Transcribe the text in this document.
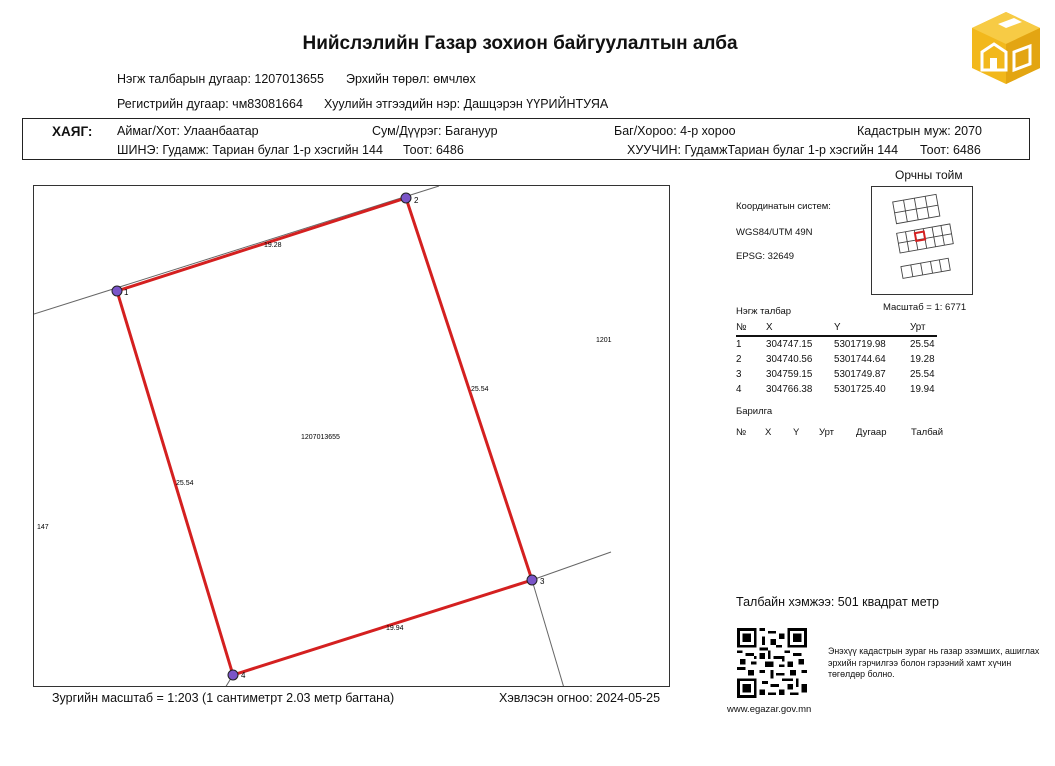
Нийслэлийн Газар зохион байгуулалтын алба
Нэгж талбарын дугаар: 1207013655 Эрхийн төрөл: өмчлөх
Регистрийн дугаар: чм83081664 Хуулийн этгээдийн нэр: Дашцэрэн ҮҮРИЙНТУЯА
ХАЯГ: Аймаг/Хот: Улаанбаатар	Сум/Дүүрэг: Багануур	Баг/Хороо: 4-р хороо	Кадастрын муж: 2070
ШИНЭ: Гудамж: Тариан булаг 1-р хэсгийн 144 Тоот: 6486	ХУУЧИН: ГудамжТариан булаг 1-р хэсгийн 144 Тоот: 6486
1
2
3
4
19.28
25.54
19.94
25.54
1207013655
1201
147
Зургийн масштаб = 1:203 (1 сантиметрт 2.03 метр багтана)	Хэвлэсэн огноо: 2024-05-25
Орчны тойм
Координатын систем:
WGS84/UTM 49N
EPSG: 32649
Масштаб = 1: 6771
Нэгж талбар
№	X	Y	Урт
1	304747.15	5301719.98	25.54
2	304740.56	5301744.64	19.28
3	304759.15	5301749.87	25.54
4	304766.38	5301725.40	19.94
Барилга
№ X Y Урт Дугаар	Талбай
Талбайн хэмжээ: 501 квадрат метр
Энэхүү кадастрын зураг нь газар эзэмших, ашиглах эрхийн гэрчилгээ болон гэрээний хамт хүчин төгөлдөр болно.
www.egazar.gov.mn
